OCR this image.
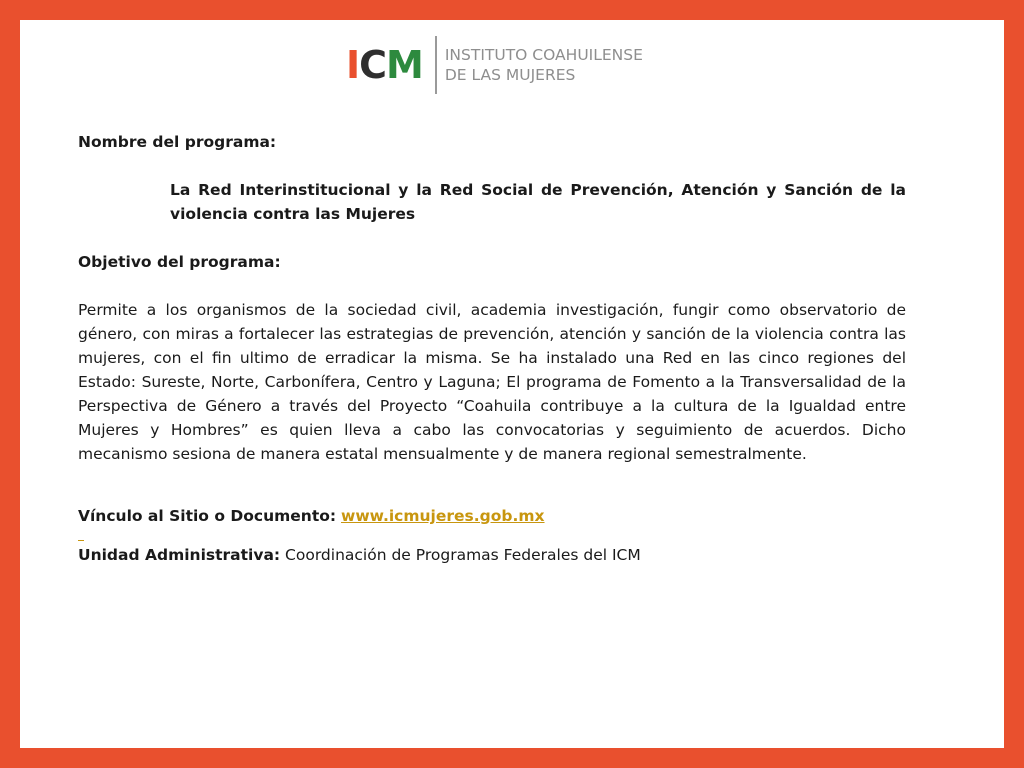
ICM INSTITUTO COAHUILENSE
DE LAS MUJERES

Nombre del programa:

La Red Interinstitucional y la Red Social de Prevención, Atención y Sanción de la violencia contra las Mujeres

Objetivo del programa:

Permite a los organismos de la sociedad civil, academia investigación, fungir como observatorio de género, con miras a fortalecer las estrategias de prevención, atención y sanción de la violencia contra las mujeres, con el fin ultimo de erradicar la misma. Se ha instalado una Red en las cinco regiones del Estado: Sureste, Norte, Carbonífera, Centro y Laguna; El programa de Fomento a la Transversalidad de la Perspectiva de Género a través del Proyecto “Coahuila contribuye a la cultura de la Igualdad entre Mujeres y Hombres” es quien lleva a cabo las convocatorias y seguimiento de acuerdos. Dicho mecanismo sesiona de manera estatal mensualmente y de manera regional semestralmente.

Vínculo al Sitio o Documento: www.icmujeres.gob.mx

Unidad Administrativa: Coordinación de Programas Federales del ICM
